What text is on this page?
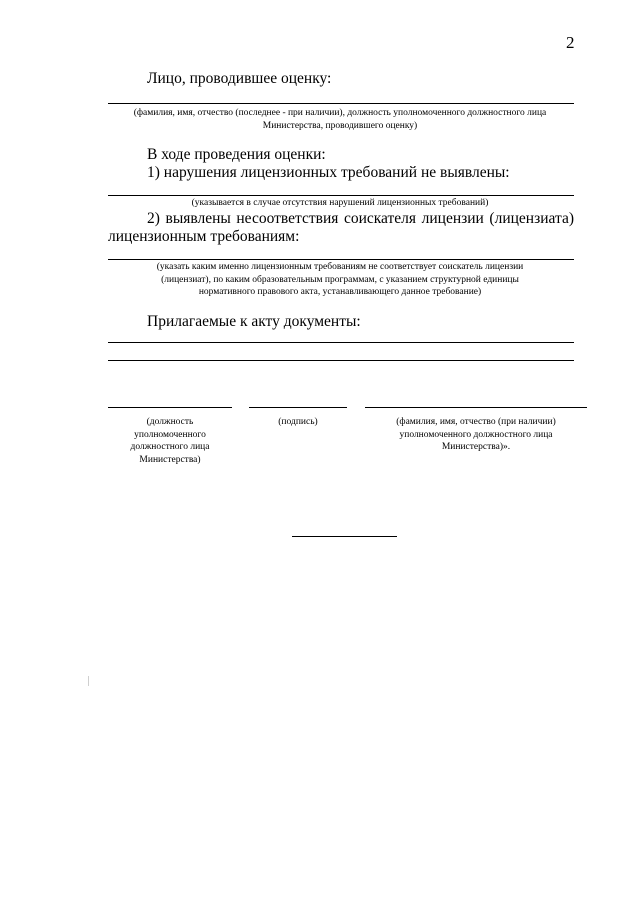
2
Лицо, проводившее оценку:
(фамилия, имя, отчество (последнее - при наличии), должность уполномоченного должностного лица
Министерства, проводившего оценку)
В ходе проведения оценки:
1) нарушения лицензионных требований не выявлены:
(указывается в случае отсутствия нарушений лицензионных требований)
2) выявлены несоответствия соискателя лицензии (лицензиата)
лицензионным требованиям:
(указать каким именно лицензионным требованиям не соответствует соискатель лицензии
(лицензиат), по каким образовательным программам, с указанием структурной единицы
нормативного правового акта, устанавливающего данное требование)
Прилагаемые к акту документы:
(должность
уполномоченного
должностного лица
Министерства)
(подпись)	(фамилия, имя, отчество (при наличии)
уполномоченного должностного лица
Министерства)».
